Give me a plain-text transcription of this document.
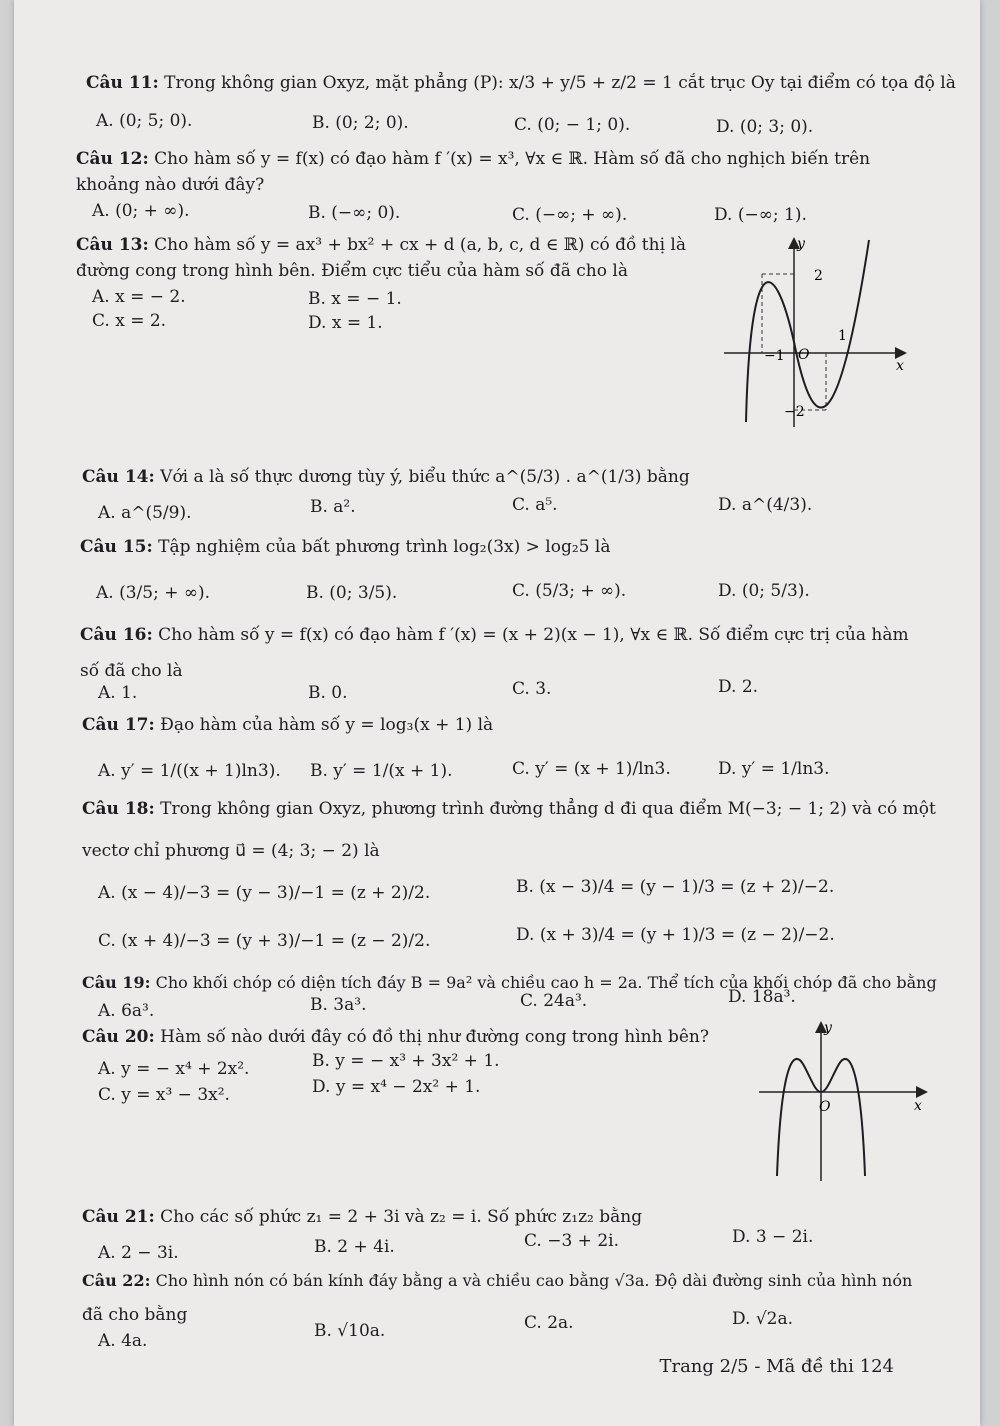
Câu 11: Trong không gian Oxyz, mặt phẳng (P): x/3 + y/5 + z/2 = 1 cắt trục Oy tại điểm có tọa độ là
A. (0; 5; 0).	B. (0; 2; 0).	C. (0; − 1; 0).	D. (0; 3; 0).
Câu 12: Cho hàm số y = f(x) có đạo hàm f ′(x) = x³, ∀x ∈ ℝ. Hàm số đã cho nghịch biến trên
khoảng nào dưới đây?
A. (0; + ∞).	B. (−∞; 0).	C. (−∞; + ∞).	D. (−∞; 1).
Câu 13: Cho hàm số y = ax³ + bx² + cx + d (a, b, c, d ∈ ℝ) có đồ thị là
đường cong trong hình bên. Điểm cực tiểu của hàm số đã cho là
A. x = − 2.	B. x = − 1.
C. x = 2.	D. x = 1.
y
x
O
2
1
−1
−2
Câu 14: Với a là số thực dương tùy ý, biểu thức a^(5/3) . a^(1/3) bằng
A. a^(5/9).	B. a².	C. a⁵.	D. a^(4/3).
Câu 15: Tập nghiệm của bất phương trình log₂(3x) > log₂5 là
A. (3/5; + ∞).	B. (0; 3/5).	C. (5/3; + ∞).	D. (0; 5/3).
Câu 16: Cho hàm số y = f(x) có đạo hàm f ′(x) = (x + 2)(x − 1), ∀x ∈ ℝ. Số điểm cực trị của hàm
số đã cho là
A. 1.	B. 0.	C. 3.	D. 2.
Câu 17: Đạo hàm của hàm số y = log₃(x + 1) là
A. y′ = 1/((x + 1)ln3). B. y′ = 1/(x + 1).	C. y′ = (x + 1)/ln3.	D. y′ = 1/ln3.
Câu 18: Trong không gian Oxyz, phương trình đường thẳng d đi qua điểm M(−3; − 1; 2) và có một
vectơ chỉ phương u⃗ = (4; 3; − 2) là
A. (x − 4)/−3 = (y − 3)/−1 = (z + 2)/2.	B. (x − 3)/4 = (y − 1)/3 = (z + 2)/−2.
C. (x + 4)/−3 = (y + 3)/−1 = (z − 2)/2.	D. (x + 3)/4 = (y + 1)/3 = (z − 2)/−2.
Câu 19: Cho khối chóp có diện tích đáy B = 9a² và chiều cao h = 2a. Thể tích của khối chóp đã cho bằng
A. 6a³.	B. 3a³.	C. 24a³.	D. 18a³.
Câu 20: Hàm số nào dưới đây có đồ thị như đường cong trong hình bên?
A. y = − x⁴ + 2x².	B. y = − x³ + 3x² + 1.
C. y = x³ − 3x².	D. y = x⁴ − 2x² + 1.
y
x
O
Câu 21: Cho các số phức z₁ = 2 + 3i và z₂ = i. Số phức z₁z₂ bằng
A. 2 − 3i.	B. 2 + 4i.	C. −3 + 2i.	D. 3 − 2i.
Câu 22: Cho hình nón có bán kính đáy bằng a và chiều cao bằng √3a. Độ dài đường sinh của hình nón
đã cho bằng
A. 4a.	B. √10a.	C. 2a.	D. √2a.
Trang 2/5 - Mã đề thi 124
